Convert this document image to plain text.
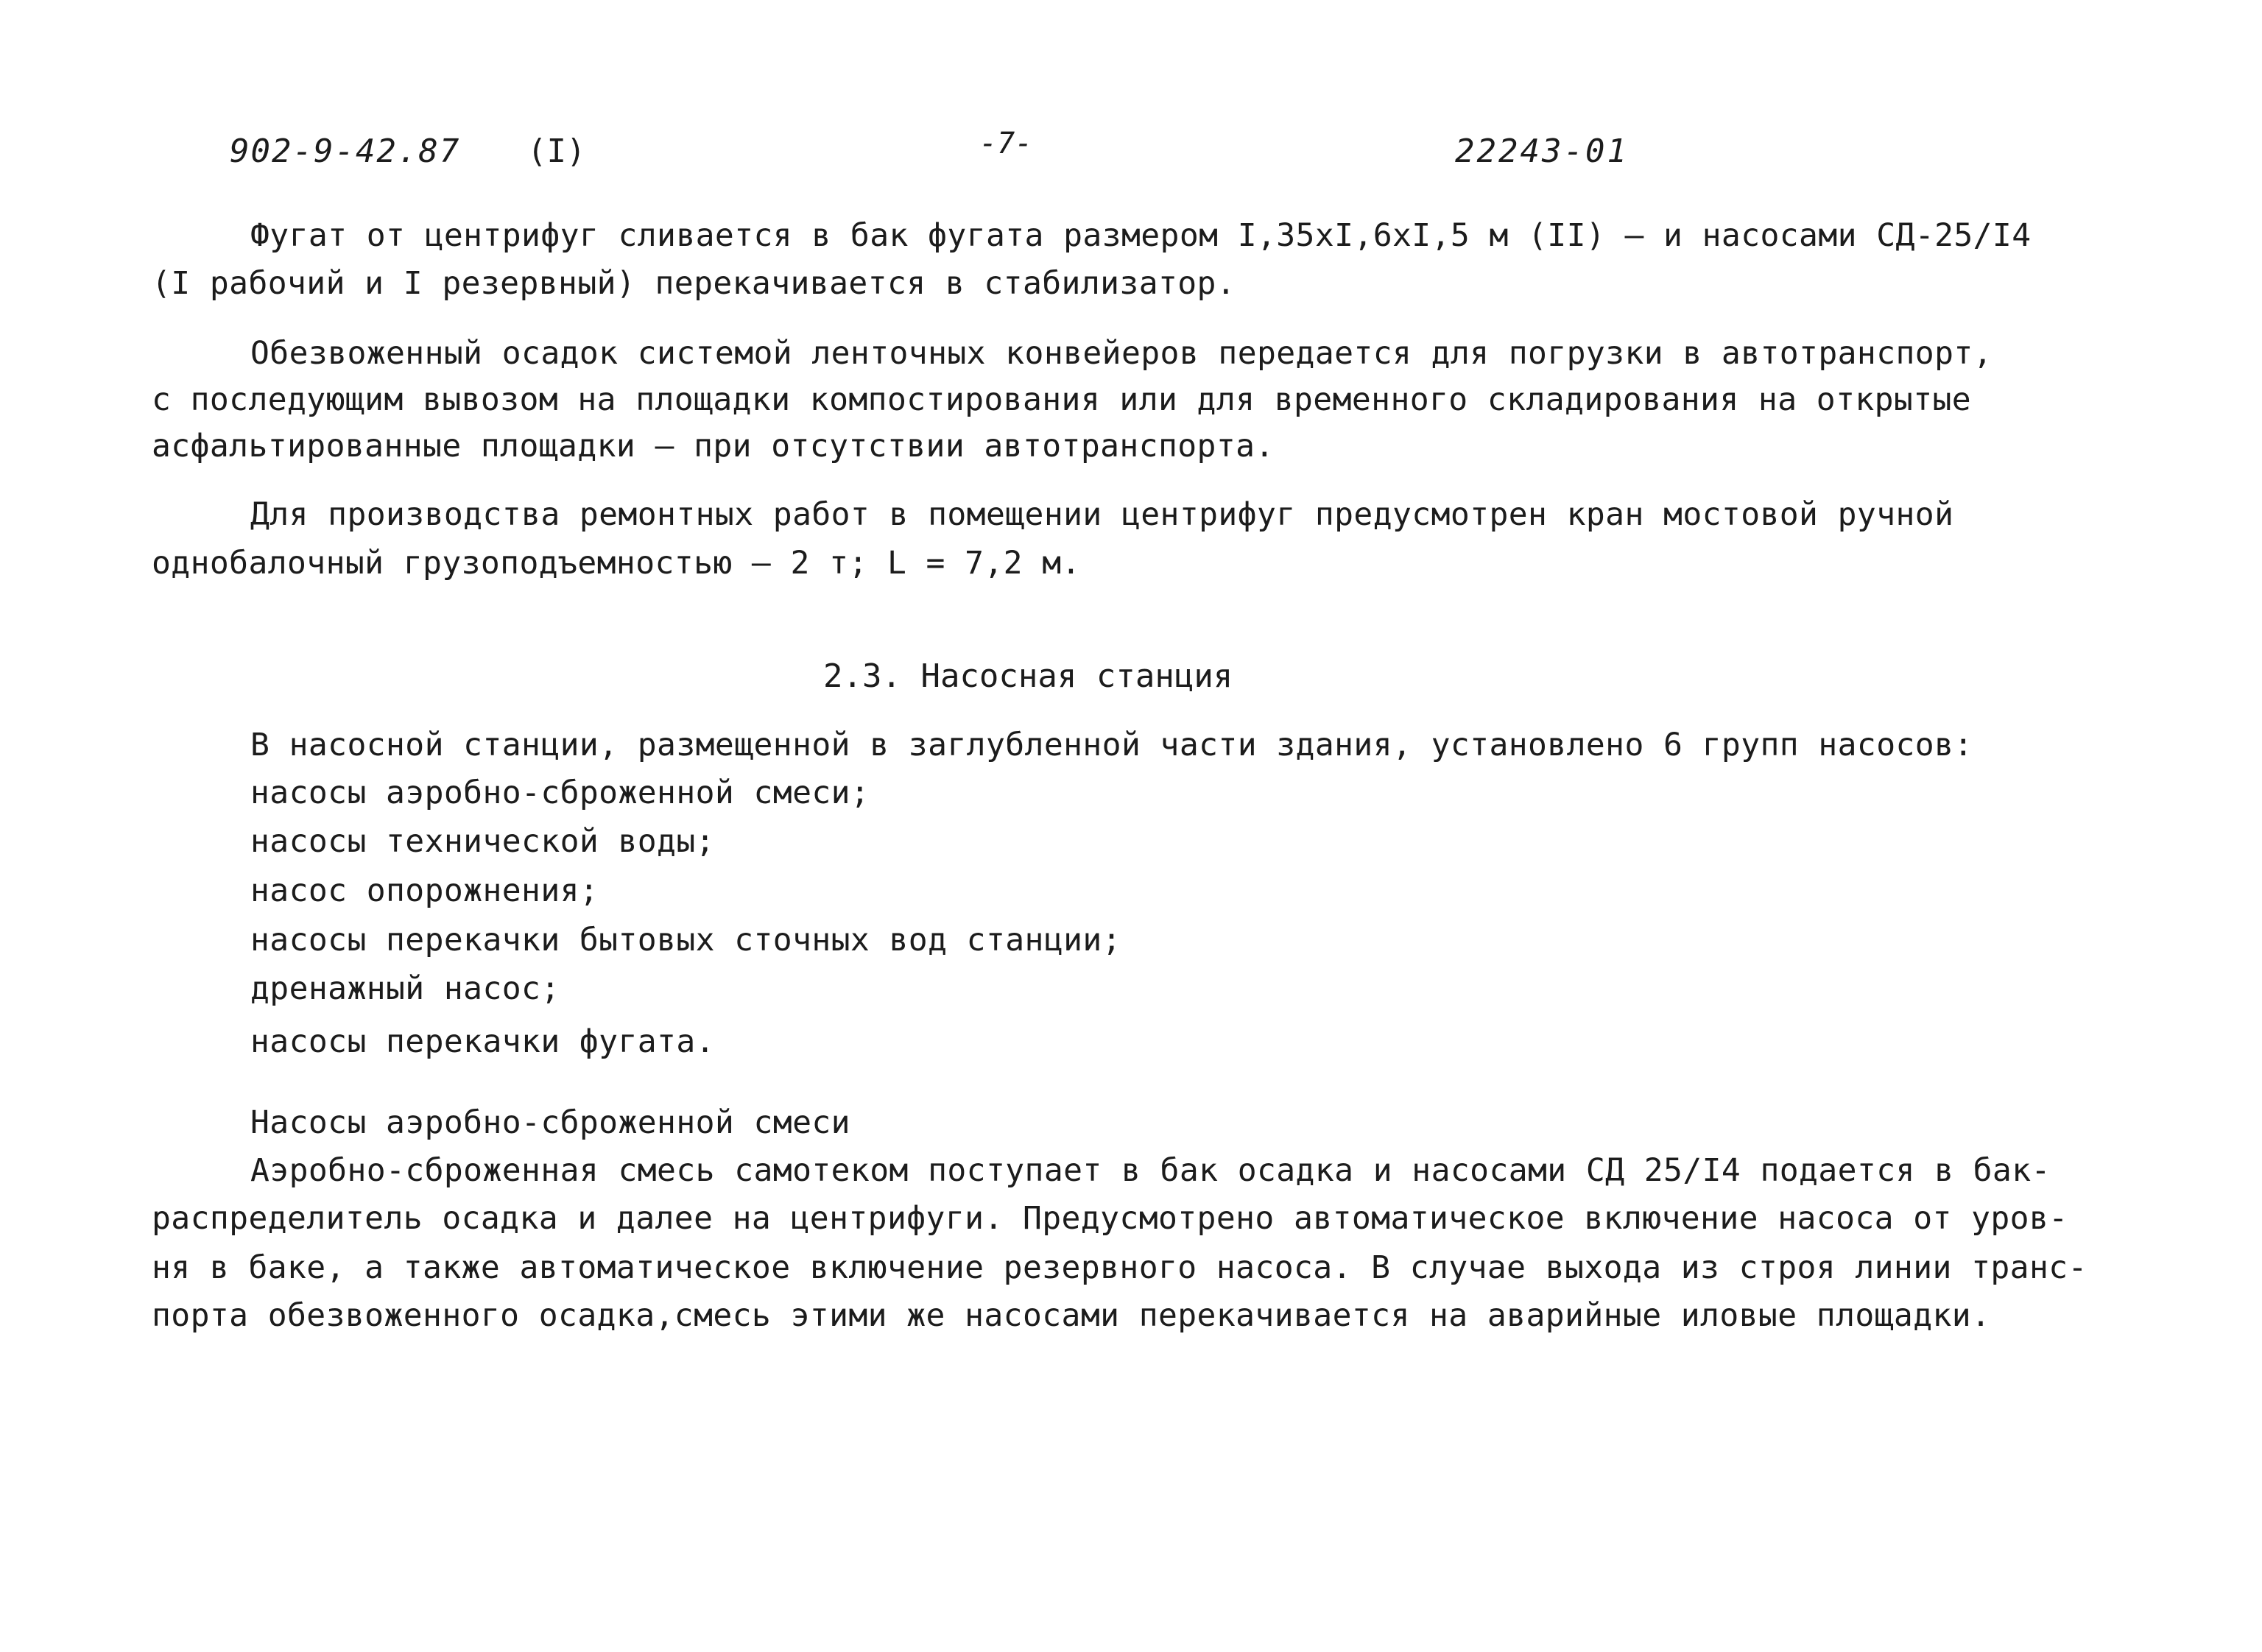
902-9-42.87 (I)	-7-	22243-01
Фугат от центрифуг сливается в бак фугата размером I,35хI,6хI,5 м (II) – и насосами СД-25/I4
(I рабочий и I резервный) перекачивается в стабилизатор.
Обезвоженный осадок системой ленточных конвейеров передается для погрузки в автотранспорт,
с последующим вывозом на площадки компостирования или для временного складирования на открытые
асфальтированные площадки – при отсутствии автотранспорта.
Для производства ремонтных работ в помещении центрифуг предусмотрен кран мостовой ручной
однобалочный грузоподъемностью – 2 т; L = 7,2 м.
2.3. Насосная станция
В насосной станции, размещенной в заглубленной части здания, установлено 6 групп насосов:
насосы аэробно-сброженной смеси;
насосы технической воды;
насос опорожнения;
насосы перекачки бытовых сточных вод станции;
дренажный насос;
насосы перекачки фугата.
Насосы аэробно-сброженной смеси
Аэробно-сброженная смесь самотеком поступает в бак осадка и насосами СД 25/I4 подается в бак-
распределитель осадка и далее на центрифуги. Предусмотрено автоматическое включение насоса от уров-
ня в баке, а также автоматическое включение резервного насоса. В случае выхода из строя линии транс-
порта обезвоженного осадка,смесь этими же насосами перекачивается на аварийные иловые площадки.
